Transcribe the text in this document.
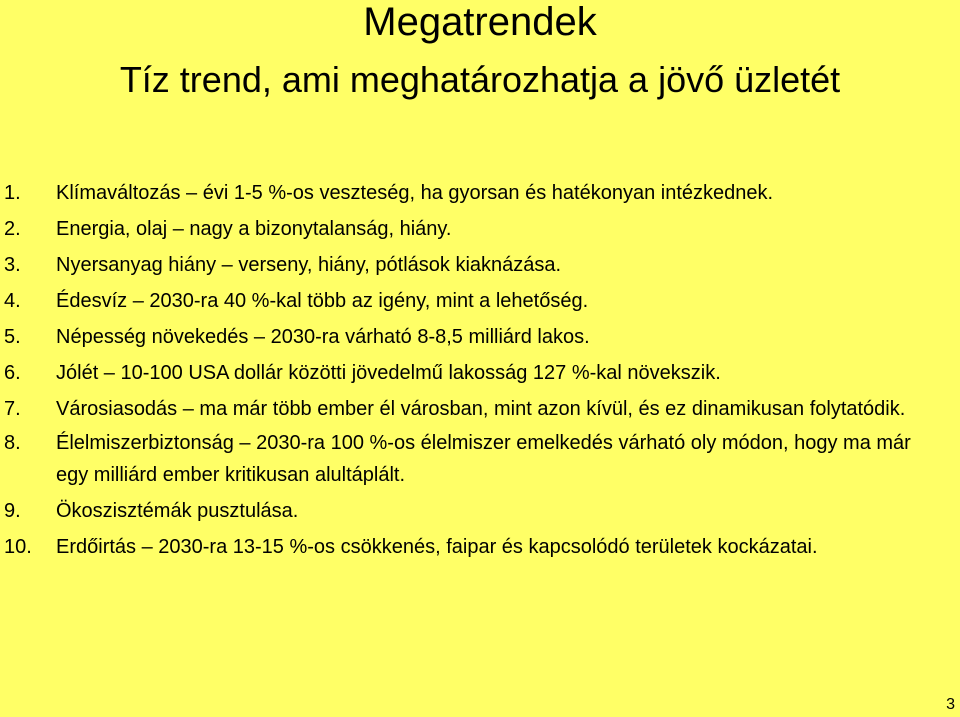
Megatrendek
Tíz trend, ami meghatározhatja a jövő üzletét
1.	Klímaváltozás – évi 1-5 %-os veszteség, ha gyorsan és hatékonyan intézkednek.
2.	Energia, olaj – nagy a bizonytalanság, hiány.
3.	Nyersanyag hiány – verseny, hiány, pótlások kiaknázása.
4.	Édesvíz – 2030-ra 40 %-kal több az igény, mint a lehetőség.
5.	Népesség növekedés – 2030-ra várható 8-8,5 milliárd lakos.
6.	Jólét – 10-100 USA dollár közötti jövedelmű lakosság 127 %-kal növekszik.
7.	Városiasodás – ma már több ember él városban, mint azon kívül, és ez dinamikusan folytatódik.
8.	Élelmiszerbiztonság – 2030-ra 100 %-os élelmiszer emelkedés várható oly módon, hogy ma már egy milliárd ember kritikusan alultáplált.
9.	Ökoszisztémák pusztulása.
10.	Erdőirtás – 2030-ra 13-15 %-os csökkenés, faipar és kapcsolódó területek kockázatai.
3
